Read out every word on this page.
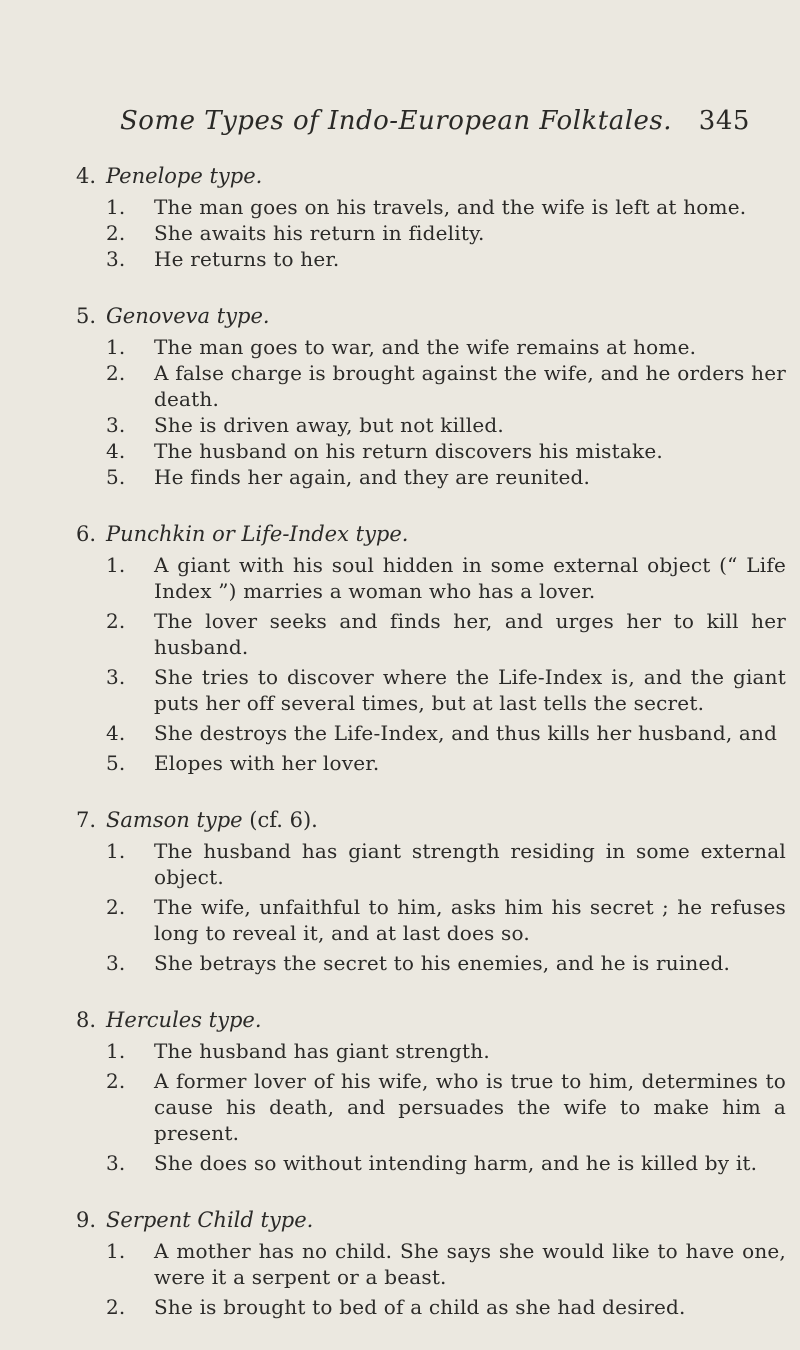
Some Types of Indo-European Folktales. 345
4. Penelope type.
1.	The man goes on his travels, and the wife is left at home.
2.	She awaits his return in fidelity.
3.	He returns to her.
5. Genoveva type.
1.	The man goes to war, and the wife remains at home.
2.	A false charge is brought against the wife, and he orders her death.
3.	She is driven away, but not killed.
4.	The husband on his return discovers his mistake.
5.	He finds her again, and they are reunited.
6. Punchkin or Life-Index type.
1.	A giant with his soul hidden in some external object (“ Life Index ”) marries a woman who has a lover.
2.	The lover seeks and finds her, and urges her to kill her husband.
3.	She tries to discover where the Life-Index is, and the giant puts her off several times, but at last tells the secret.
4.	She destroys the Life-Index, and thus kills her husband, and
5.	Elopes with her lover.
7. Samson type (cf. 6).
1.	The husband has giant strength residing in some external object.
2.	The wife, unfaithful to him, asks him his secret ; he refuses long to reveal it, and at last does so.
3.	She betrays the secret to his enemies, and he is ruined.
8. Hercules type.
1.	The husband has giant strength.
2.	A former lover of his wife, who is true to him, determines to cause his death, and persuades the wife to make him a present.
3.	She does so without intending harm, and he is killed by it.
9. Serpent Child type.
1.	A mother has no child. She says she would like to have one, were it a serpent or a beast.
2.	She is brought to bed of a child as she had desired.
